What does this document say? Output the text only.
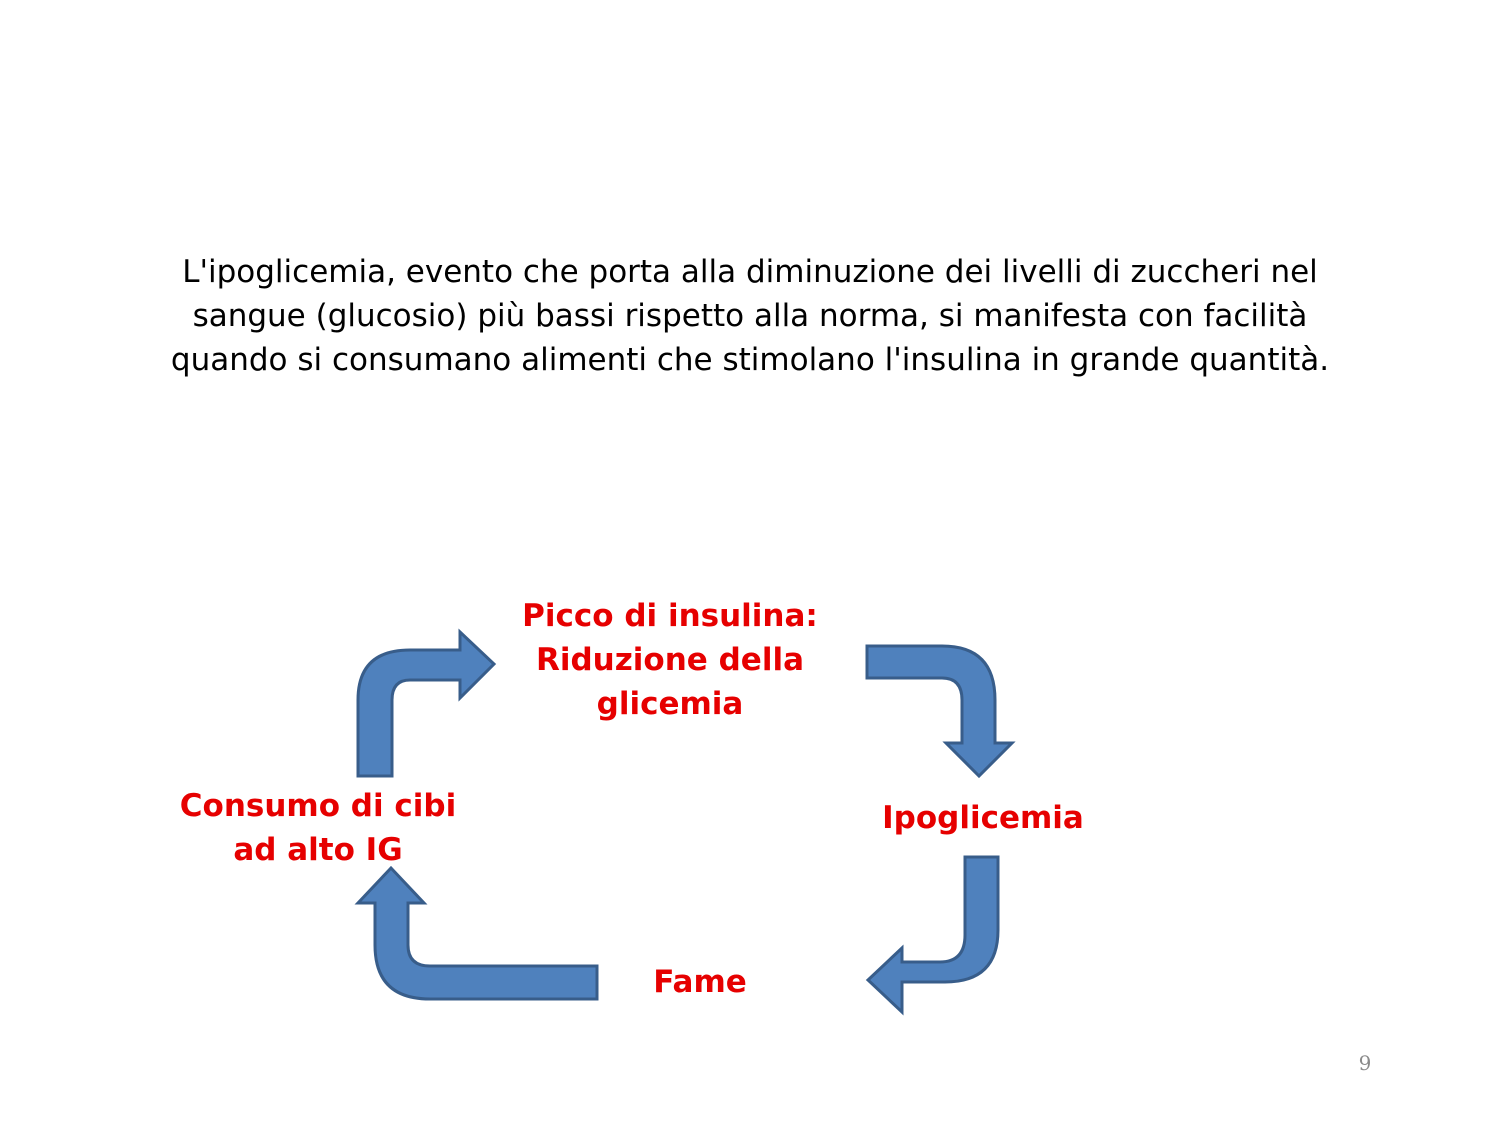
L'ipoglicemia, evento che porta alla diminuzione dei livelli di zuccheri nel
sangue (glucosio) più bassi rispetto alla norma, si manifesta con facilità
quando si consumano alimenti che stimolano l'insulina in grande quantità.

Picco di insulina:
Riduzione della
glicemia
Ipoglicemia
Fame
Consumo di cibi
ad alto IG
9
